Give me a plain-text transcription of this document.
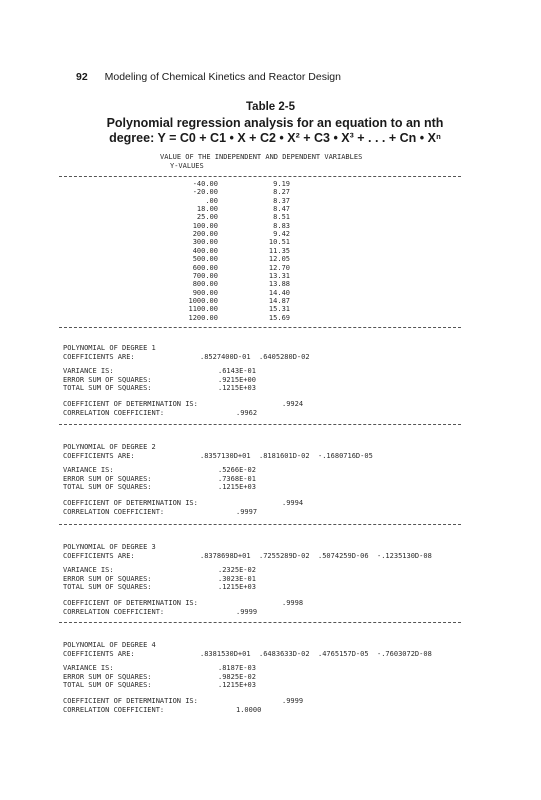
92 Modeling of Chemical Kinetics and Reactor Design
Table 2-5
Polynomial regression analysis for an equation to an nth
degree: Y = C0 + C1 • X + C2 • X² + C3 • X³ + . . . + Cn • Xⁿ
VALUE OF THE INDEPENDENT AND DEPENDENT VARIABLES
Y-VALUES
-40.00	9.19
-20.00	8.27
.00	8.37
18.00	8.47
25.00	8.51
100.00	8.83
200.00	9.42
300.00	10.51
400.00	11.35
500.00	12.05
600.00	12.70
700.00	13.31
800.00	13.88
900.00	14.40
1000.00	14.87
1100.00	15.31
1200.00	15.69
POLYNOMIAL OF DEGREE 1
COEFFICIENTS ARE:	.8527400D-01  .6405280D-02
VARIANCE IS:	.6143E-01
ERROR SUM OF SQUARES:	.9215E+00
TOTAL SUM OF SQUARES:	.1215E+03
COEFFICIENT OF DETERMINATION IS:	.9924
CORRELATION COEFFICIENT:	.9962
POLYNOMIAL OF DEGREE 2
COEFFICIENTS ARE:	.8357130D+01  .8181601D-02  -.1680716D-05
VARIANCE IS:	.5266E-02
ERROR SUM OF SQUARES:	.7368E-01
TOTAL SUM OF SQUARES:	.1215E+03
COEFFICIENT OF DETERMINATION IS:	.9994
CORRELATION COEFFICIENT:	.9997
POLYNOMIAL OF DEGREE 3
COEFFICIENTS ARE:	.8378698D+01  .7255289D-02  .5074259D-06  -.1235130D-08
VARIANCE IS:	.2325E-02
ERROR SUM OF SQUARES:	.3023E-01
TOTAL SUM OF SQUARES:	.1215E+03
COEFFICIENT OF DETERMINATION IS:	.9998
CORRELATION COEFFICIENT:	.9999
POLYNOMIAL OF DEGREE 4
COEFFICIENTS ARE:	.8381530D+01  .6483633D-02  .4765157D-05  -.7603072D-08
VARIANCE IS:	.8187E-03
ERROR SUM OF SQUARES:	.9825E-02
TOTAL SUM OF SQUARES:	.1215E+03
COEFFICIENT OF DETERMINATION IS:	.9999
CORRELATION COEFFICIENT:	1.0000
